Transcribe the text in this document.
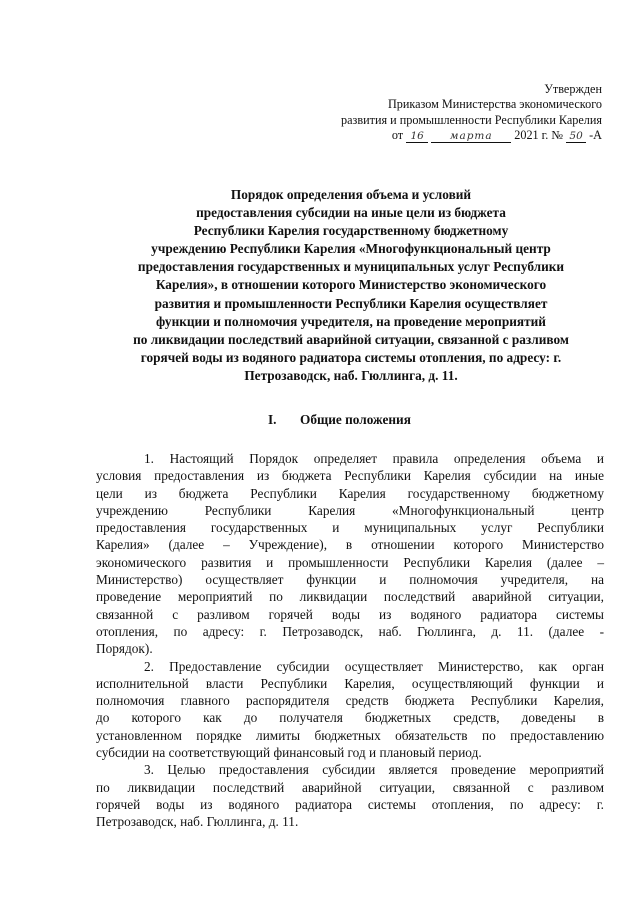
Утвержден
Приказом Министерства экономического
развития и промышленности Республики Карелия
от 16 марта 2021 г. № 50 -А
Порядок определения объема и условий
предоставления субсидии на иные цели из бюджета
Республики Карелия государственному бюджетному
учреждению Республики Карелия «Многофункциональный центр
предоставления государственных и муниципальных услуг Республики
Карелия», в отношении которого Министерство экономического
развития и промышленности Республики Карелия осуществляет
функции и полномочия учредителя, на проведение мероприятий
по ликвидации последствий аварийной ситуации, связанной с разливом
горячей воды из водяного радиатора системы отопления, по адресу: г.
Петрозаводск, наб. Гюллинга, д. 11.
I. Общие положения
1. Настоящий Порядок определяет правила определения объема и
условия предоставления из бюджета Республики Карелия субсидии на иные
цели из бюджета Республики Карелия государственному бюджетному
учреждению Республики Карелия «Многофункциональный центр
предоставления государственных и муниципальных услуг Республики
Карелия» (далее – Учреждение), в отношении которого Министерство
экономического развития и промышленности Республики Карелия (далее –
Министерство) осуществляет функции и полномочия учредителя, на
проведение мероприятий по ликвидации последствий аварийной ситуации,
связанной с разливом горячей воды из водяного радиатора системы
отопления, по адресу: г. Петрозаводск, наб. Гюллинга, д. 11. (далее -
Порядок).
2. Предоставление субсидии осуществляет Министерство, как орган
исполнительной власти Республики Карелия, осуществляющий функции и
полномочия главного распорядителя средств бюджета Республики Карелия,
до которого как до получателя бюджетных средств, доведены в
установленном порядке лимиты бюджетных обязательств по предоставлению
субсидии на соответствующий финансовый год и плановый период.
3. Целью предоставления субсидии является проведение мероприятий
по ликвидации последствий аварийной ситуации, связанной с разливом
горячей воды из водяного радиатора системы отопления, по адресу: г.
Петрозаводск, наб. Гюллинга, д. 11.
